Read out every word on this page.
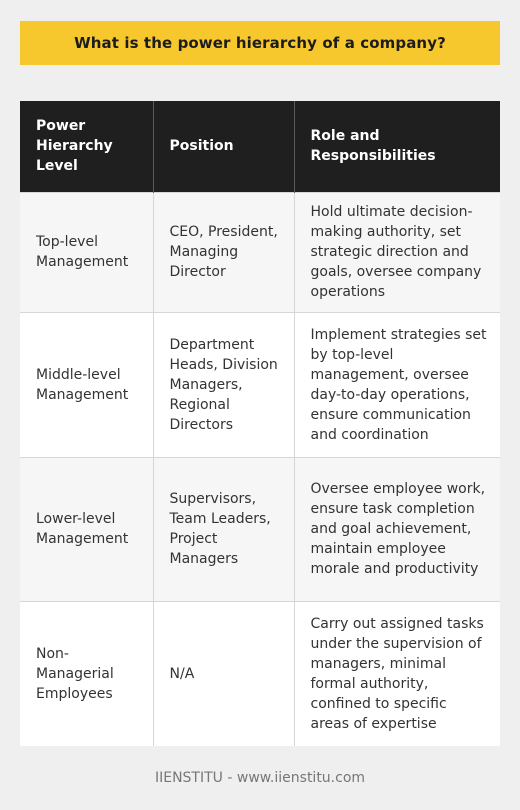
What is the power hierarchy of a company?
Power Hierarchy Level	Position	Role and Responsibilities
Top-level Management	CEO, President, Managing Director	Hold ultimate decision-making authority, set strategic direction and goals, oversee company operations
Middle-level Management	Department Heads, Division Managers, Regional Directors	Implement strategies set by top-level management, oversee day-to-day operations, ensure communication and coordination
Lower-level Management	Supervisors, Team Leaders, Project Managers	Oversee employee work, ensure task completion and goal achievement, maintain employee morale and productivity
Non-Managerial Employees	N/A	Carry out assigned tasks under the supervision of managers, minimal formal authority, confined to specific areas of expertise
IIENSTITU - www.iienstitu.com
